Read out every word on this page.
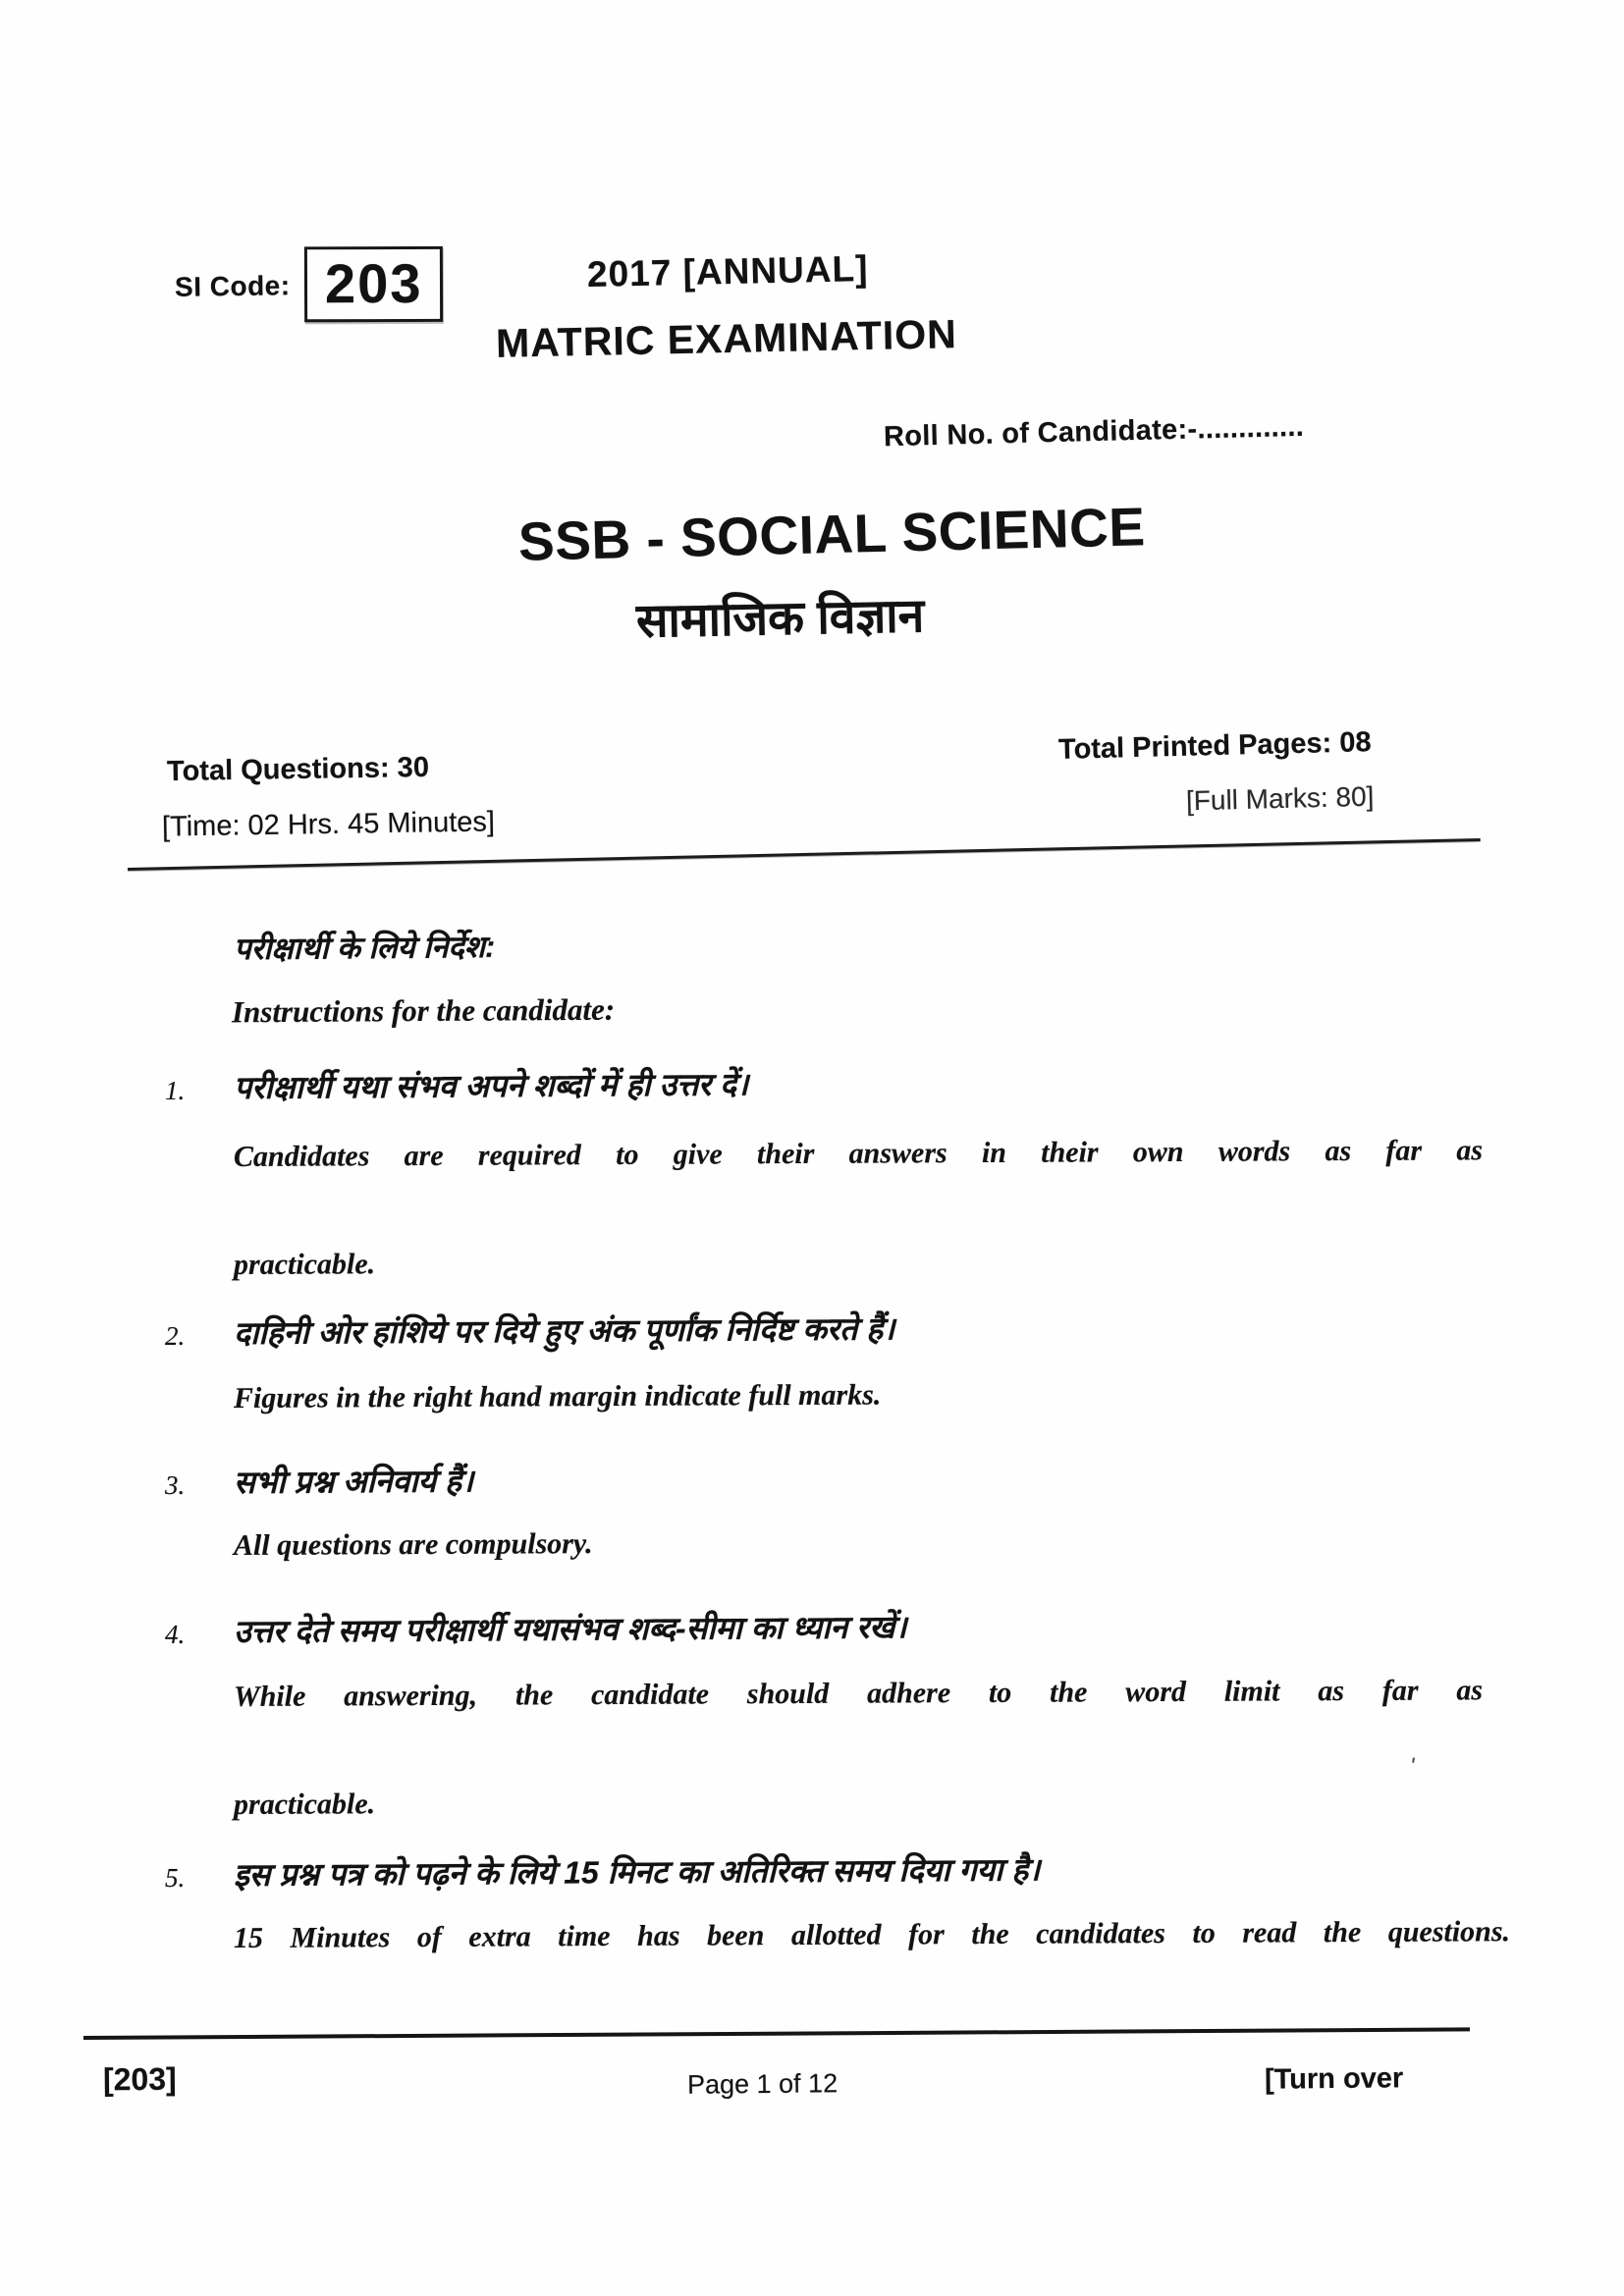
SI Code: 203	2017 [ANNUAL]
MATRIC EXAMINATION
Roll No. of Candidate:-.............
SSB - SOCIAL SCIENCE
सामाजिक विज्ञान
Total Questions: 30
[Time: 02 Hrs. 45 Minutes]
Total Printed Pages: 08
[Full Marks: 80]
परीक्षार्थी के लिये निर्देश:
Instructions for the candidate:
1. परीक्षार्थी यथा संभव अपने शब्दों में ही उत्तर दें।
Candidates are required to give their answers in their own words as far as
practicable.
2. दाहिनी ओर हांशिये पर दिये हुए अंक पूर्णांक निर्दिष्ट करते हैं।
Figures in the right hand margin indicate full marks.
3. सभी प्रश्न अनिवार्य हैं।
All questions are compulsory.
4. उत्तर देते समय परीक्षार्थी यथासंभव शब्द-सीमा का ध्यान रखें।
While answering, the candidate should adhere to the word limit as far as
practicable.
5. इस प्रश्न पत्र को पढ़ने के लिये 15 मिनट का अतिरिक्त समय दिया गया है।
15 Minutes of extra time has been allotted for the candidates to read the questions.
'
[203]	Page 1 of 12	[Turn over
